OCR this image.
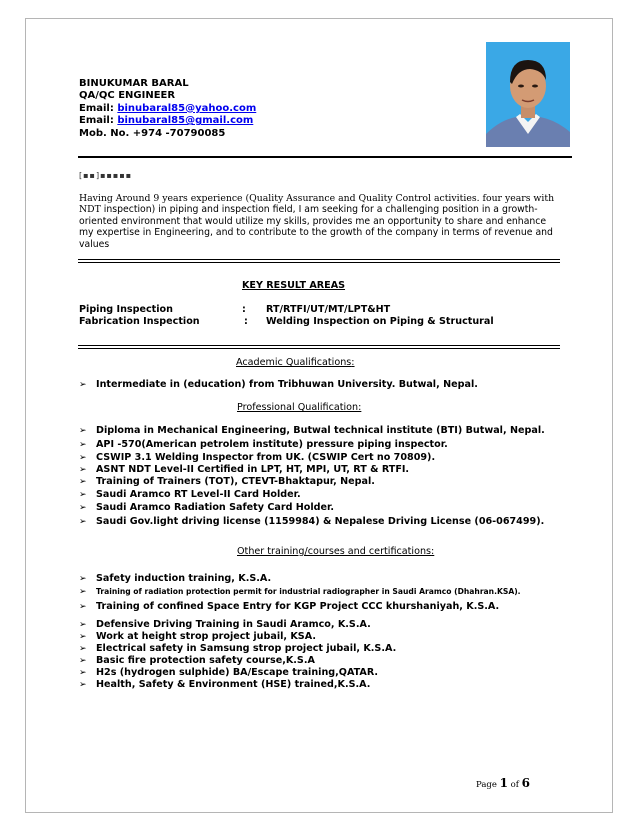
BINUKUMAR BARAL
QA/QC ENGINEER
Email: binubaral85@yahoo.com
Email: binubaral85@gmail.com
Mob. No. +974 -70790085
[▪▪]▪▪▪▪▪
Having Around 9 years experience (Quality Assurance and Quality Control activities. four years with NDT inspection) in piping and inspection field, I am seeking for a challenging position in a growth-oriented environment that would utilize my skills, provides me an opportunity to share and enhance my expertise in Engineering, and to contribute to the growth of the company in terms of revenue and values
KEY RESULT AREAS
Piping Inspection	: RT/RTFI/UT/MT/LPT&HT
Fabrication Inspection	: Welding Inspection on Piping & Structural
Academic Qualifications:
➢ Intermediate in (education) from Tribhuwan University. Butwal, Nepal.
Professional Qualification:
➢ Diploma in Mechanical Engineering, Butwal technical institute (BTI) Butwal, Nepal.
➢ API -570(American petrolem institute) pressure piping inspector.
➢ CSWIP 3.1 Welding Inspector from UK. (CSWIP Cert no 70809).
➢ ASNT NDT Level-II Certified in LPT, HT, MPI, UT, RT & RTFI.
➢ Training of Trainers (TOT), CTEVT-Bhaktapur, Nepal.
➢ Saudi Aramco RT Level-II Card Holder.
➢ Saudi Aramco Radiation Safety Card Holder.
➢ Saudi Gov.light driving license (1159984) & Nepalese Driving License (06-067499).
Other training/courses and certifications:
➢ Safety induction training, K.S.A.
➢ Training of radiation protection permit for industrial radiographer in Saudi Aramco (Dhahran.KSA).
➢ Training of confined Space Entry for KGP Project CCC khurshaniyah, K.S.A.
➢ Defensive Driving Training in Saudi Aramco, K.S.A.
➢ Work at height strop project jubail, KSA.
➢ Electrical safety in Samsung strop project jubail, K.S.A.
➢ Basic fire protection safety course,K.S.A
➢ H2s (hydrogen sulphide) BA/Escape training,QATAR.
➢ Health, Safety & Environment (HSE) trained,K.S.A.
Page 1 of 6
